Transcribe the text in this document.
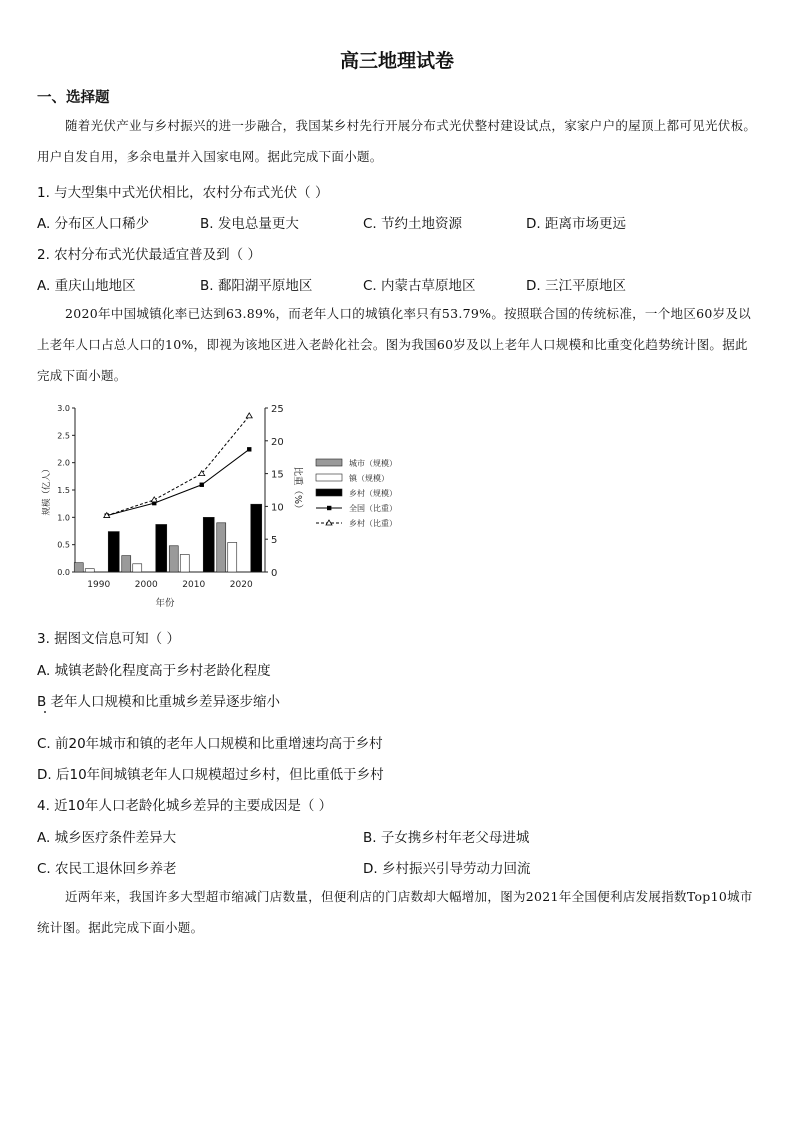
高三地理试卷
一、选择题
随着光伏产业与乡村振兴的进一步融合，我国某乡村先行开展分布式光伏整村建设试点，家家户户的屋顶上都可见光伏板。用户自发自用，多余电量并入国家电网。据此完成下面小题。
1. 与大型集中式光伏相比，农村分布式光伏（ ）
A. 分布区人口稀少	B. 发电总量更大	C. 节约土地资源	D. 距离市场更远
2. 农村分布式光伏最适宜普及到（ ）
A. 重庆山地地区	B. 鄱阳湖平原地区	C. 内蒙古草原地区	D. 三江平原地区
2020年中国城镇化率已达到63.89%，而老年人口的城镇化率只有53.79%。按照联合国的传统标准，一个地区60岁及以上老年人口占总人口的10%，即视为该地区进入老龄化社会。图为我国60岁及以上老年人口规模和比重变化趋势统计图。据此完成下面小题。
0.0
0.5
1.0
1.5
2.0
2.5
3.0
0
5
10
15
20
25
规模（亿人）	比重（%）
1990	2000	2010	2020
年份
城市（规模）
镇（规模）
乡村（规模）
全国（比重）
乡村（比重）
3. 据图文信息可知（ ）
A. 城镇老龄化程度高于乡村老龄化程度
B 老年人口规模和比重城乡差异逐步缩小
C. 前20年城市和镇的老年人口规模和比重增速均高于乡村
D. 后10年间城镇老年人口规模超过乡村，但比重低于乡村
4. 近10年人口老龄化城乡差异的主要成因是（ ）
A. 城乡医疗条件差异大	B. 子女携乡村年老父母进城
C. 农民工退休回乡养老	D. 乡村振兴引导劳动力回流
近两年来，我国许多大型超市缩减门店数量，但便利店的门店数却大幅增加，图为2021年全国便利店发展指数Top10城市统计图。据此完成下面小题。
